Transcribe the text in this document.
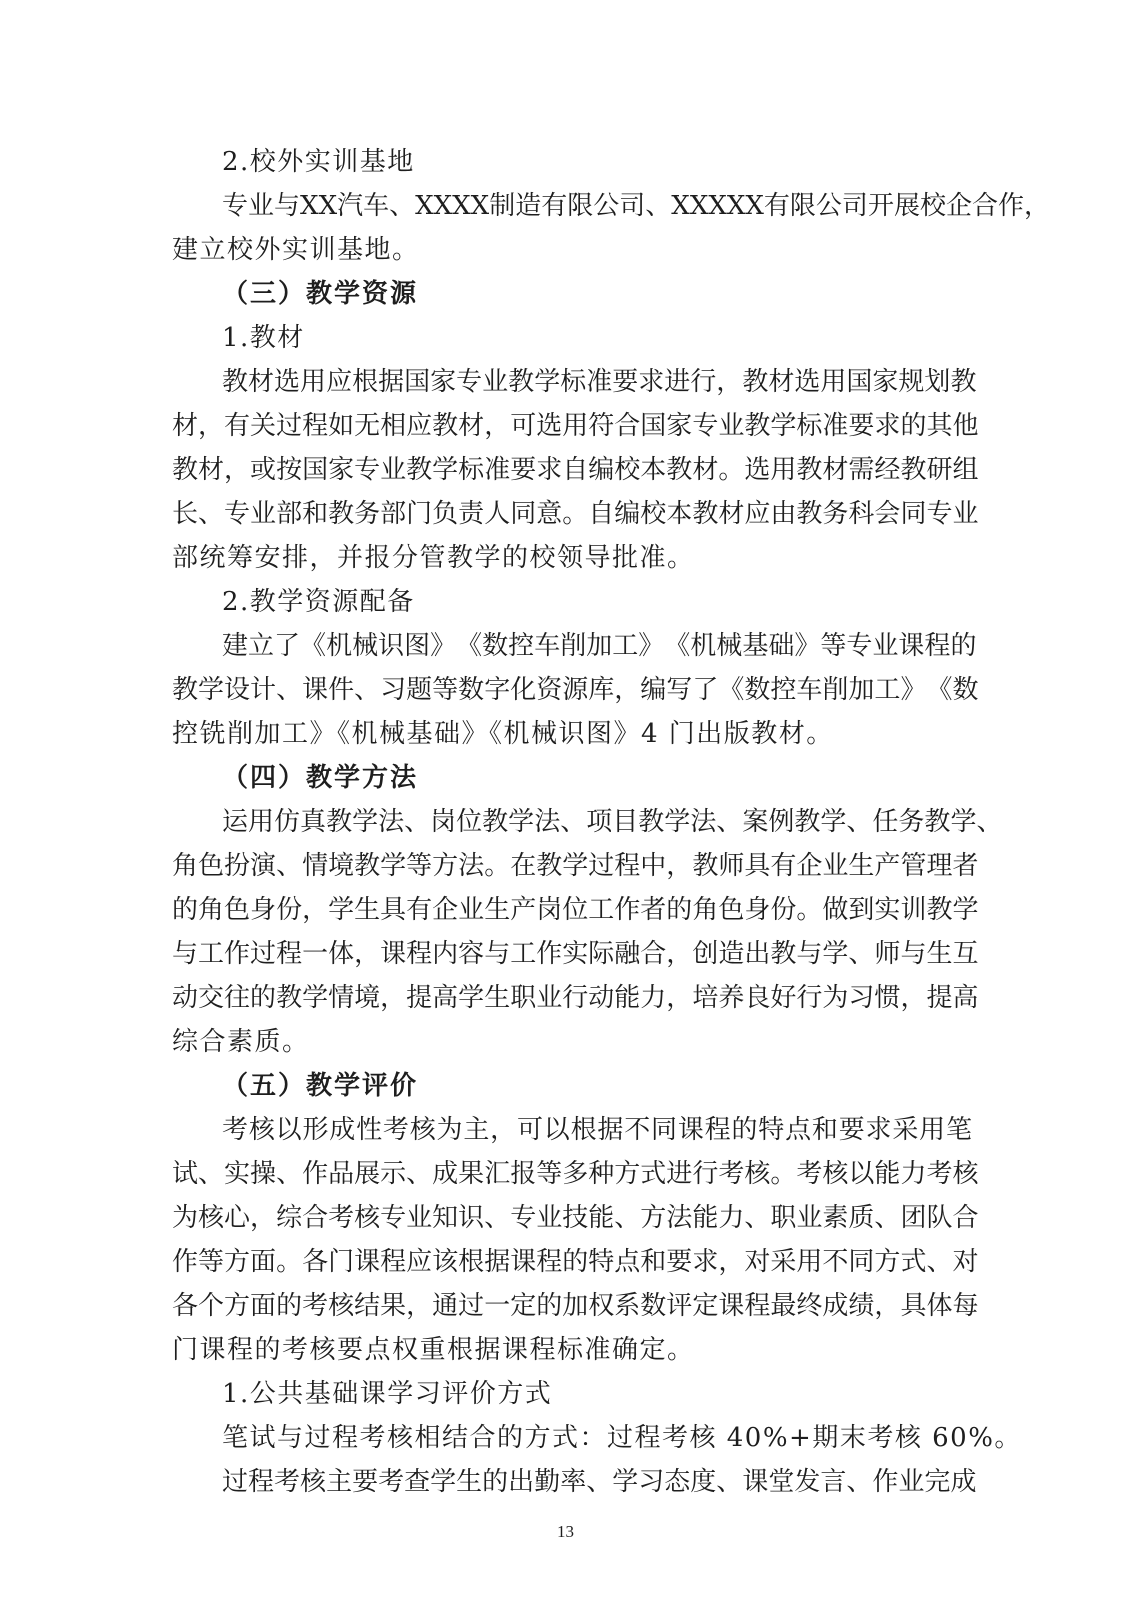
2.校外实训基地
专 业 与 X X 汽 车 、 X X X X 制 造 有 限 公 司 、 X X X X X 有 限 公 司 开 展 校 企 合 作 ，
建立校外实训基地。
（三）教学资源
1.教材
教 材 选 用 应 根 据 国 家 专 业 教 学 标 准 要 求 进 行 ， 教 材 选 用 国 家 规 划 教
材 ， 有 关 过 程 如 无 相 应 教 材 ， 可 选 用 符 合 国 家 专 业 教 学 标 准 要 求 的 其 他
教 材 ， 或 按 国 家 专 业 教 学 标 准 要 求 自 编 校 本 教 材 。 选 用 教 材 需 经 教 研 组
长 、 专 业 部 和 教 务 部 门 负 责 人 同 意 。 自 编 校 本 教 材 应 由 教 务 科 会 同 专 业
部统筹安排，并报分管教学的校领导批准。
2.教学资源配备
建 立 了 《 机 械 识 图 》 《 数 控 车 削 加 工 》 《 机 械 基 础 》 等 专 业 课 程 的
教 学 设 计 、 课 件 、 习 题 等 数 字 化 资 源 库 ， 编 写 了 《 数 控 车 削 加 工 》 《 数
控铣削加工》《机械基础》《机械识图》4 门出版教材。
（四）教学方法
运 用 仿 真 教 学 法 、 岗 位 教 学 法 、 项 目 教 学 法 、 案 例 教 学 、 任 务 教 学 、
角 色 扮 演 、 情 境 教 学 等 方 法 。 在 教 学 过 程 中 ， 教 师 具 有 企 业 生 产 管 理 者
的 角 色 身 份 ， 学 生 具 有 企 业 生 产 岗 位 工 作 者 的 角 色 身 份 。 做 到 实 训 教 学
与 工 作 过 程 一 体 ， 课 程 内 容 与 工 作 实 际 融 合 ， 创 造 出 教 与 学 、 师 与 生 互
动 交 往 的 教 学 情 境 ， 提 高 学 生 职 业 行 动 能 力 ， 培 养 良 好 行 为 习 惯 ， 提 高
综合素质。
（五）教学评价
考 核 以 形 成 性 考 核 为 主 ， 可 以 根 据 不 同 课 程 的 特 点 和 要 求 采 用 笔
试 、 实 操 、 作 品 展 示 、 成 果 汇 报 等 多 种 方 式 进 行 考 核 。 考 核 以 能 力 考 核
为 核 心 ， 综 合 考 核 专 业 知 识 、 专 业 技 能 、 方 法 能 力 、 职 业 素 质 、 团 队 合
作 等 方 面 。 各 门 课 程 应 该 根 据 课 程 的 特 点 和 要 求 ， 对 采 用 不 同 方 式 、 对
各 个 方 面 的 考 核 结 果 ， 通 过 一 定 的 加 权 系 数 评 定 课 程 最 终 成 绩 ， 具 体 每
门课程的考核要点权重根据课程标准确定。
1.公共基础课学习评价方式
笔试与过程考核相结合的方式：过程考核 40%+期末考核 60%。
过 程 考 核 主 要 考 查 学 生 的 出 勤 率 、 学 习 态 度 、 课 堂 发 言 、 作 业 完 成
13
